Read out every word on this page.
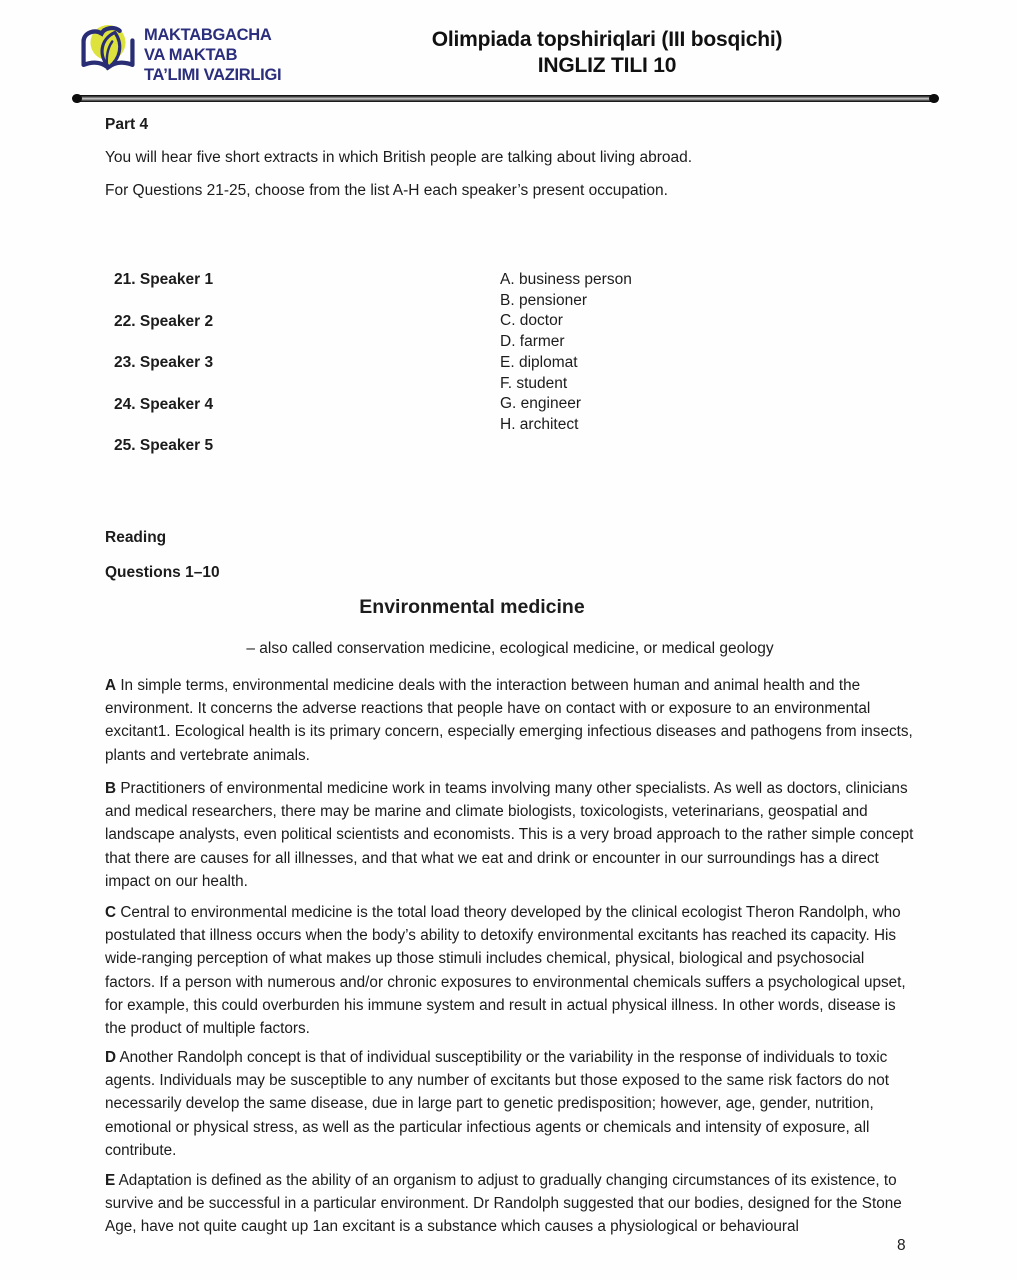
MAKTABGACHA
VA MAKTAB
TA’LIMI VAZIRLIGI
Olimpiada topshiriqlari (III bosqichi)
INGLIZ TILI 10
Part 4
You will hear five short extracts in which British people are talking about living abroad.
For Questions 21-25, choose from the list A-H each speaker’s present occupation.
21. Speaker 1
22. Speaker 2
23. Speaker 3
24. Speaker 4
25. Speaker 5
A. business person
B. pensioner
C. doctor
D. farmer
E. diplomat
F. student
G. engineer
H. architect
Reading
Questions 1–10
Environmental medicine
– also called conservation medicine, ecological medicine, or medical geology
A In simple terms, environmental medicine deals with the interaction between human and animal health and the environment. It concerns the adverse reactions that people have on contact with or exposure to an environmental excitant1. Ecological health is its primary concern, especially emerging infectious diseases and pathogens from insects, plants and vertebrate animals.
B Practitioners of environmental medicine work in teams involving many other specialists. As well as doctors, clinicians and medical researchers, there may be marine and climate biologists, toxicologists, veterinarians, geospatial and landscape analysts, even political scientists and economists. This is a very broad approach to the rather simple concept that there are causes for all illnesses, and that what we eat and drink or encounter in our surroundings has a direct impact on our health.
C Central to environmental medicine is the total load theory developed by the clinical ecologist Theron Randolph, who postulated that illness occurs when the body’s ability to detoxify environmental excitants has reached its capacity. His wide-ranging perception of what makes up those stimuli includes chemical, physical, biological and psychosocial factors. If a person with numerous and/or chronic exposures to environmental chemicals suffers a psychological upset, for example, this could overburden his immune system and result in actual physical illness. In other words, disease is the product of multiple factors.
D Another Randolph concept is that of individual susceptibility or the variability in the response of individuals to toxic agents. Individuals may be susceptible to any number of excitants but those exposed to the same risk factors do not necessarily develop the same disease, due in large part to genetic predisposition; however, age, gender, nutrition, emotional or physical stress, as well as the particular infectious agents or chemicals and intensity of exposure, all contribute.
E Adaptation is defined as the ability of an organism to adjust to gradually changing circumstances of its existence, to survive and be successful in a particular environment. Dr Randolph suggested that our bodies, designed for the Stone Age, have not quite caught up 1an excitant is a substance which causes a physiological or behavioural
8
